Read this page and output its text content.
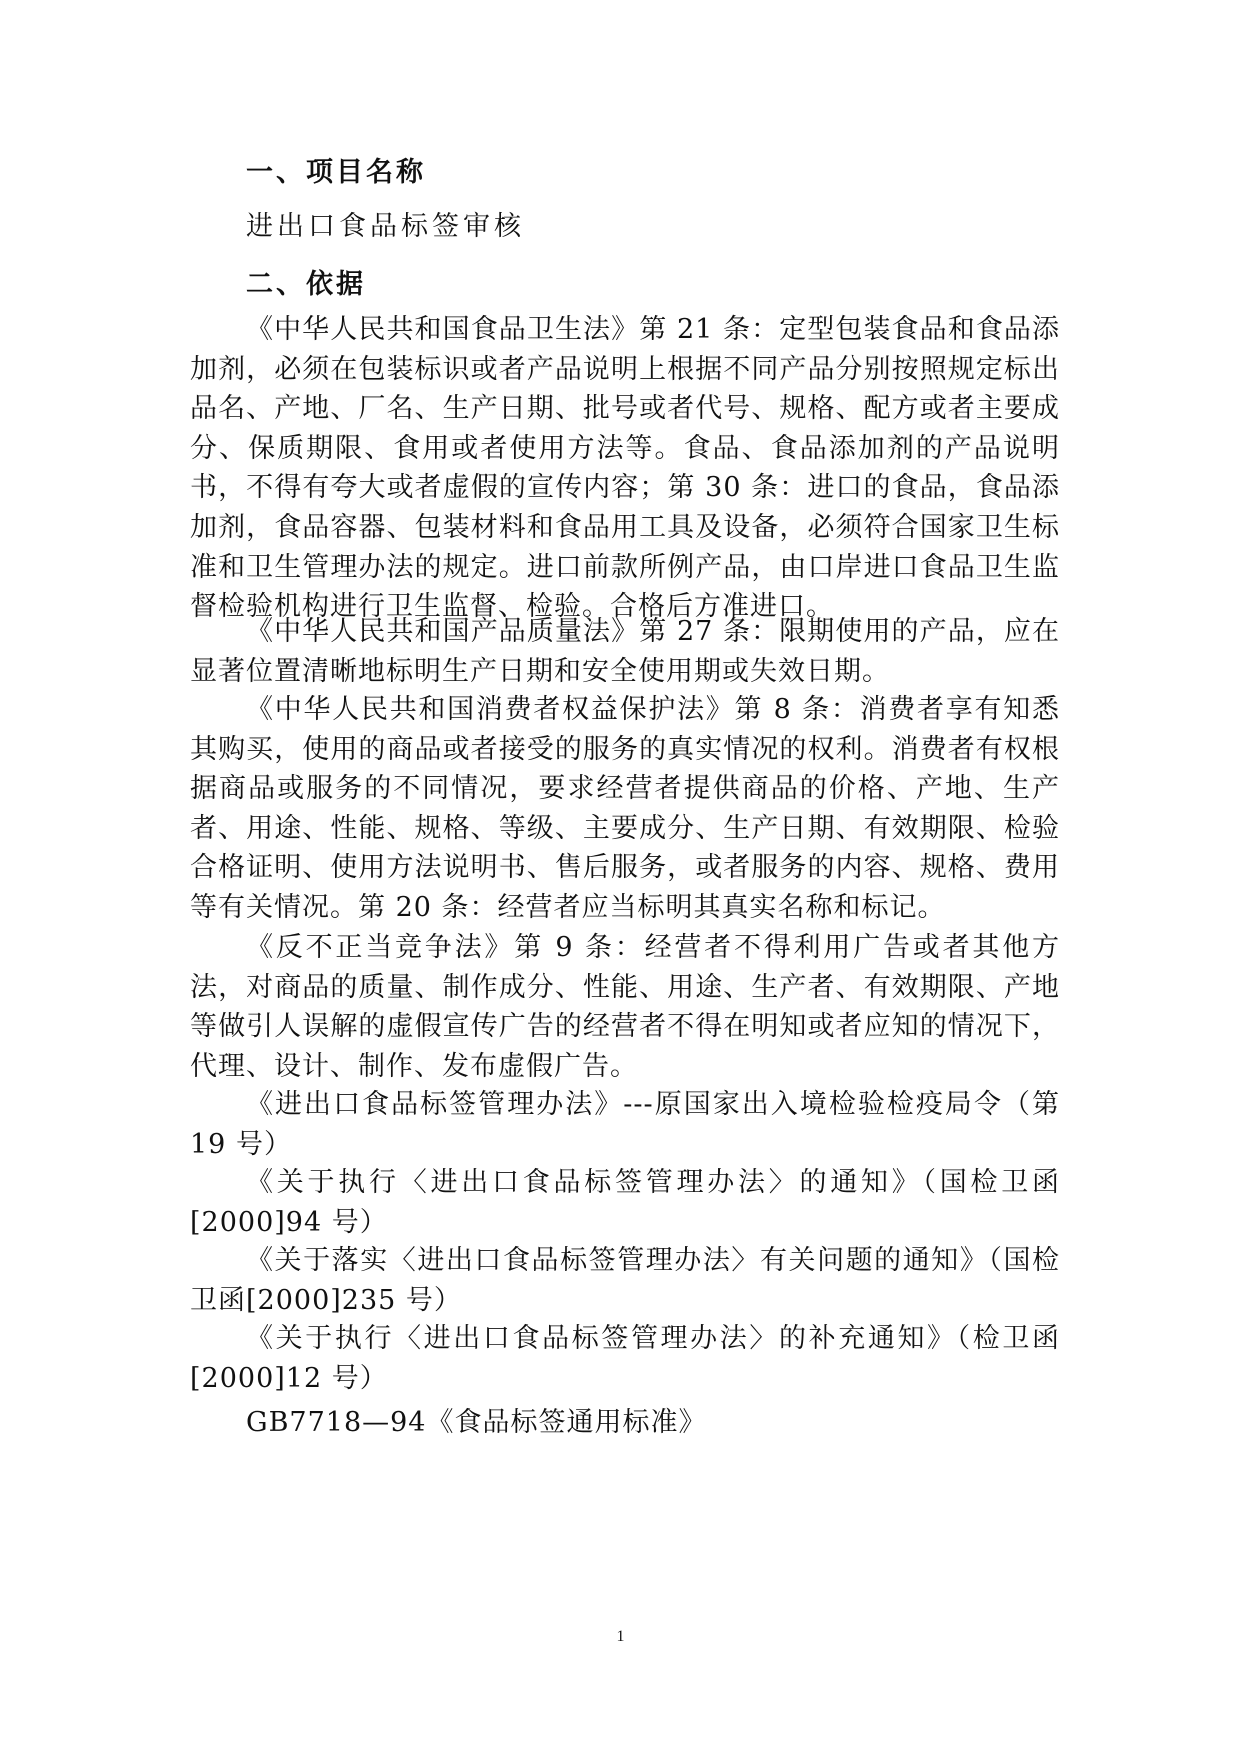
一、项目名称
进出口食品标签审核
二、依据

《中华人民共和国食品卫生法》第 21 条：定型包装食品和食品添加剂，必须在包装标识或者产品说明上根据不同产品分别按照规定标出品名、产地、厂名、生产日期、批号或者代号、规格、配方或者主要成分、保质期限、食用或者使用方法等。食品、食品添加剂的产品说明书，不得有夸大或者虚假的宣传内容；第 30 条：进口的食品，食品添加剂，食品容器、包装材料和食品用工具及设备，必须符合国家卫生标准和卫生管理办法的规定。进口前款所例产品，由口岸进口食品卫生监督检验机构进行卫生监督、检验。合格后方准进口。

《中华人民共和国产品质量法》第 27 条：限期使用的产品，应在显著位置清晰地标明生产日期和安全使用期或失效日期。

《中华人民共和国消费者权益保护法》第 8 条：消费者享有知悉其购买，使用的商品或者接受的服务的真实情况的权利。消费者有权根据商品或服务的不同情况，要求经营者提供商品的价格、产地、生产者、用途、性能、规格、等级、主要成分、生产日期、有效期限、检验合格证明、使用方法说明书、售后服务，或者服务的内容、规格、费用等有关情况。第 20 条：经营者应当标明其真实名称和标记。

《反不正当竞争法》第 9 条：经营者不得利用广告或者其他方法，对商品的质量、制作成分、性能、用途、生产者、有效期限、产地等做引人误解的虚假宣传广告的经营者不得在明知或者应知的情况下，代理、设计、制作、发布虚假广告。

《进出口食品标签管理办法》---原国家出入境检验检疫局令（第 19 号）

《关于执行〈进出口食品标签管理办法〉的通知》（国检卫函[2000]94 号）

《关于落实〈进出口食品标签管理办法〉有关问题的通知》（国检卫函[2000]235 号）

《关于执行〈进出口食品标签管理办法〉的补充通知》（检卫函[2000]12 号）

GB7718—94《食品标签通用标准》
1
